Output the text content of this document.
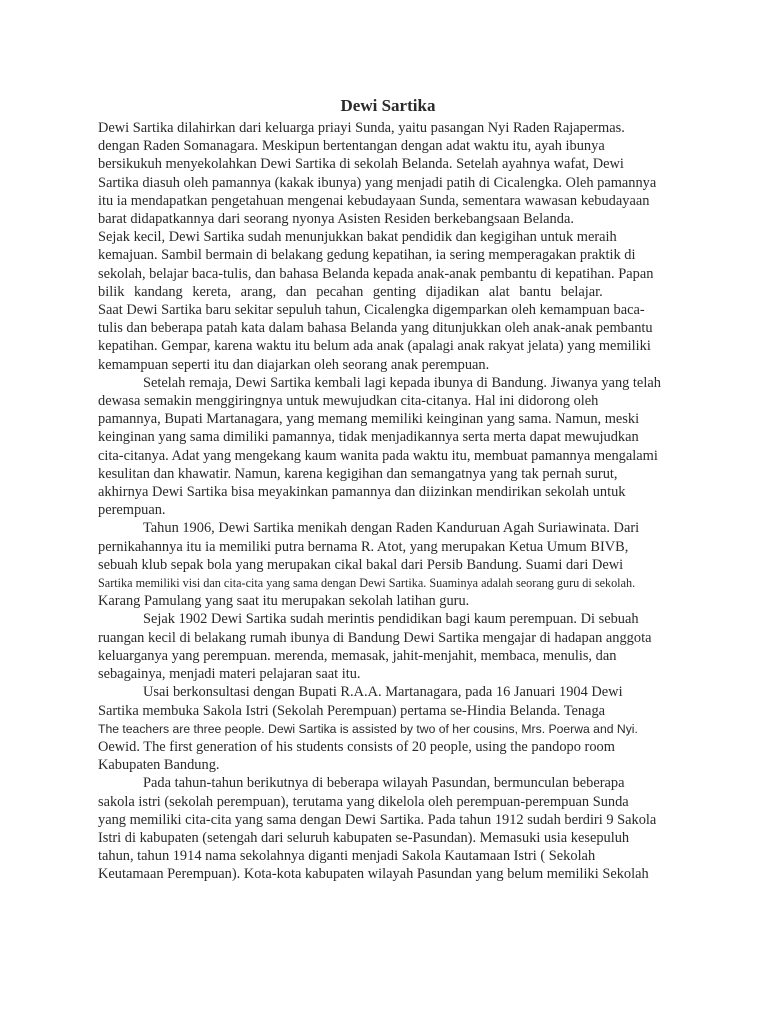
Dewi Sartika
Dewi Sartika dilahirkan dari keluarga priayi Sunda, yaitu pasangan Nyi Raden Rajapermas.
dengan Raden Somanagara. Meskipun bertentangan dengan adat waktu itu, ayah ibunya
bersikukuh menyekolahkan Dewi Sartika di sekolah Belanda. Setelah ayahnya wafat, Dewi
Sartika diasuh oleh pamannya (kakak ibunya) yang menjadi patih di Cicalengka. Oleh pamannya
itu ia mendapatkan pengetahuan mengenai kebudayaan Sunda, sementara wawasan kebudayaan
barat didapatkannya dari seorang nyonya Asisten Residen berkebangsaan Belanda.
Sejak kecil, Dewi Sartika sudah menunjukkan bakat pendidik dan kegigihan untuk meraih
kemajuan. Sambil bermain di belakang gedung kepatihan, ia sering memperagakan praktik di
sekolah, belajar baca-tulis, dan bahasa Belanda kepada anak-anak pembantu di kepatihan. Papan
bilik kandang kereta, arang, dan pecahan genting dijadikan alat bantu belajar.
Saat Dewi Sartika baru sekitar sepuluh tahun, Cicalengka digemparkan oleh kemampuan baca-
tulis dan beberapa patah kata dalam bahasa Belanda yang ditunjukkan oleh anak-anak pembantu
kepatihan. Gempar, karena waktu itu belum ada anak (apalagi anak rakyat jelata) yang memiliki
kemampuan seperti itu dan diajarkan oleh seorang anak perempuan.
Setelah remaja, Dewi Sartika kembali lagi kepada ibunya di Bandung. Jiwanya yang telah
dewasa semakin menggiringnya untuk mewujudkan cita-citanya. Hal ini didorong oleh
pamannya, Bupati Martanagara, yang memang memiliki keinginan yang sama. Namun, meski
keinginan yang sama dimiliki pamannya, tidak menjadikannya serta merta dapat mewujudkan
cita-citanya. Adat yang mengekang kaum wanita pada waktu itu, membuat pamannya mengalami
kesulitan dan khawatir. Namun, karena kegigihan dan semangatnya yang tak pernah surut,
akhirnya Dewi Sartika bisa meyakinkan pamannya dan diizinkan mendirikan sekolah untuk
perempuan.
Tahun 1906, Dewi Sartika menikah dengan Raden Kanduruan Agah Suriawinata. Dari
pernikahannya itu ia memiliki putra bernama R. Atot, yang merupakan Ketua Umum BIVB,
sebuah klub sepak bola yang merupakan cikal bakal dari Persib Bandung. Suami dari Dewi
Sartika memiliki visi dan cita-cita yang sama dengan Dewi Sartika. Suaminya adalah seorang guru di sekolah.
Karang Pamulang yang saat itu merupakan sekolah latihan guru.
Sejak 1902 Dewi Sartika sudah merintis pendidikan bagi kaum perempuan. Di sebuah
ruangan kecil di belakang rumah ibunya di Bandung Dewi Sartika mengajar di hadapan anggota
keluarganya yang perempuan. merenda, memasak, jahit-menjahit, membaca, menulis, dan
sebagainya, menjadi materi pelajaran saat itu.
Usai berkonsultasi dengan Bupati R.A.A. Martanagara, pada 16 Januari 1904 Dewi
Sartika membuka Sakola Istri (Sekolah Perempuan) pertama se-Hindia Belanda. Tenaga
The teachers are three people. Dewi Sartika is assisted by two of her cousins, Mrs. Poerwa and Nyi.
Oewid. The first generation of his students consists of 20 people, using the pandopo room
Kabupaten Bandung.
Pada tahun-tahun berikutnya di beberapa wilayah Pasundan, bermunculan beberapa
sakola istri (sekolah perempuan), terutama yang dikelola oleh perempuan-perempuan Sunda
yang memiliki cita-cita yang sama dengan Dewi Sartika. Pada tahun 1912 sudah berdiri 9 Sakola
Istri di kabupaten (setengah dari seluruh kabupaten se-Pasundan). Memasuki usia kesepuluh
tahun, tahun 1914 nama sekolahnya diganti menjadi Sakola Kautamaan Istri ( Sekolah
Keutamaan Perempuan). Kota-kota kabupaten wilayah Pasundan yang belum memiliki Sekolah
